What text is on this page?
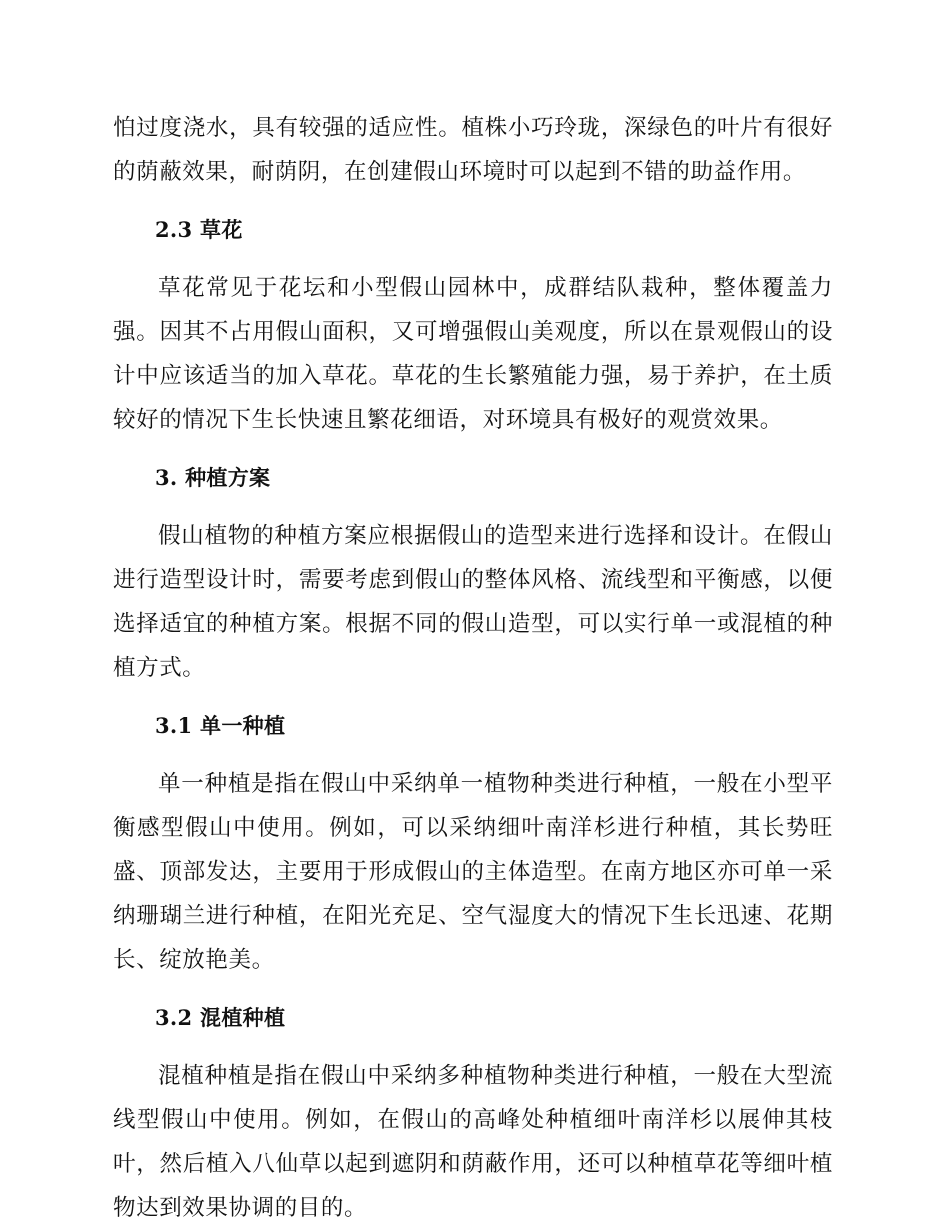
怕过度浇水，具有较强的适应性。植株小巧玲珑，深绿色的叶片有很好的荫蔽效果，耐荫阴，在创建假山环境时可以起到不错的助益作用。

2.3 草花

草花常见于花坛和小型假山园林中，成群结队栽种，整体覆盖力强。因其不占用假山面积，又可增强假山美观度，所以在景观假山的设计中应该适当的加入草花。草花的生长繁殖能力强，易于养护，在土质较好的情况下生长快速且繁花细语，对环境具有极好的观赏效果。

3. 种植方案

假山植物的种植方案应根据假山的造型来进行选择和设计。在假山进行造型设计时，需要考虑到假山的整体风格、流线型和平衡感，以便选择适宜的种植方案。根据不同的假山造型，可以实行单一或混植的种植方式。

3.1 单一种植

单一种植是指在假山中采纳单一植物种类进行种植，一般在小型平衡感型假山中使用。例如，可以采纳细叶南洋杉进行种植，其长势旺盛、顶部发达，主要用于形成假山的主体造型。在南方地区亦可单一采纳珊瑚兰进行种植，在阳光充足、空气湿度大的情况下生长迅速、花期长、绽放艳美。

3.2 混植种植

混植种植是指在假山中采纳多种植物种类进行种植，一般在大型流线型假山中使用。例如，在假山的高峰处种植细叶南洋杉以展伸其枝叶，然后植入八仙草以起到遮阴和荫蔽作用，还可以种植草花等细叶植物达到效果协调的目的。
